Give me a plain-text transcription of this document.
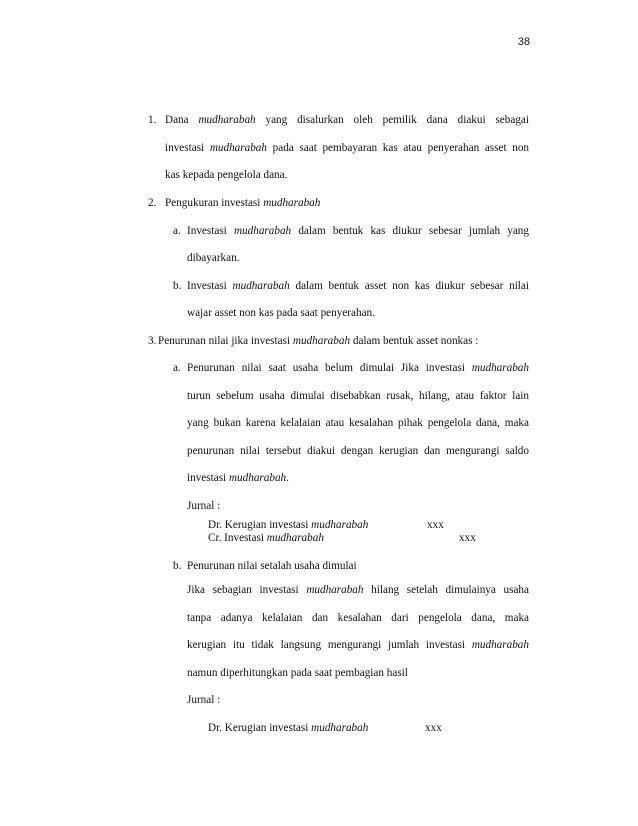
38
1. Dana mudharabah yang disalurkan oleh pemilik dana diakui sebagai
investasi mudharabah pada saat pembayaran kas atau penyerahan asset non
kas kepada pengelola dana.
2. Pengukuran investasi mudharabah
a. Investasi mudharabah dalam bentuk kas diukur sebesar jumlah yang
dibayarkan.
b. Investasi mudharabah dalam bentuk asset non kas diukur sebesar nilai
wajar asset non kas pada saat penyerahan.
3. Penurunan nilai jika investasi mudharabah dalam bentuk asset nonkas :
a. Penurunan nilai saat usaha belum dimulai Jika investasi mudharabah
turun sebelum usaha dimulai disebabkan rusak, hilang, atau faktor lain
yang bukan karena kelalaian atau kesalahan pihak pengelola dana, maka
penurunan nilai tersebut diakui dengan kerugian dan mengurangi saldo
investasi mudharabah.
Jurnal :
Dr. Kerugian investasi mudharabah	xxx
Cr. Investasi mudharabah	xxx
b. Penurunan nilai setalah usaha dimulai
Jika sebagian investasi mudharabah hilang setelah dimulainya usaha
tanpa adanya kelalaian dan kesalahan dari pengelola dana, maka
kerugian itu tidak langsung mengurangi jumlah investasi mudharabah
namun diperhitungkan pada saat pembagian hasil
Jurnal :
Dr. Kerugian investasi mudharabah	xxx
